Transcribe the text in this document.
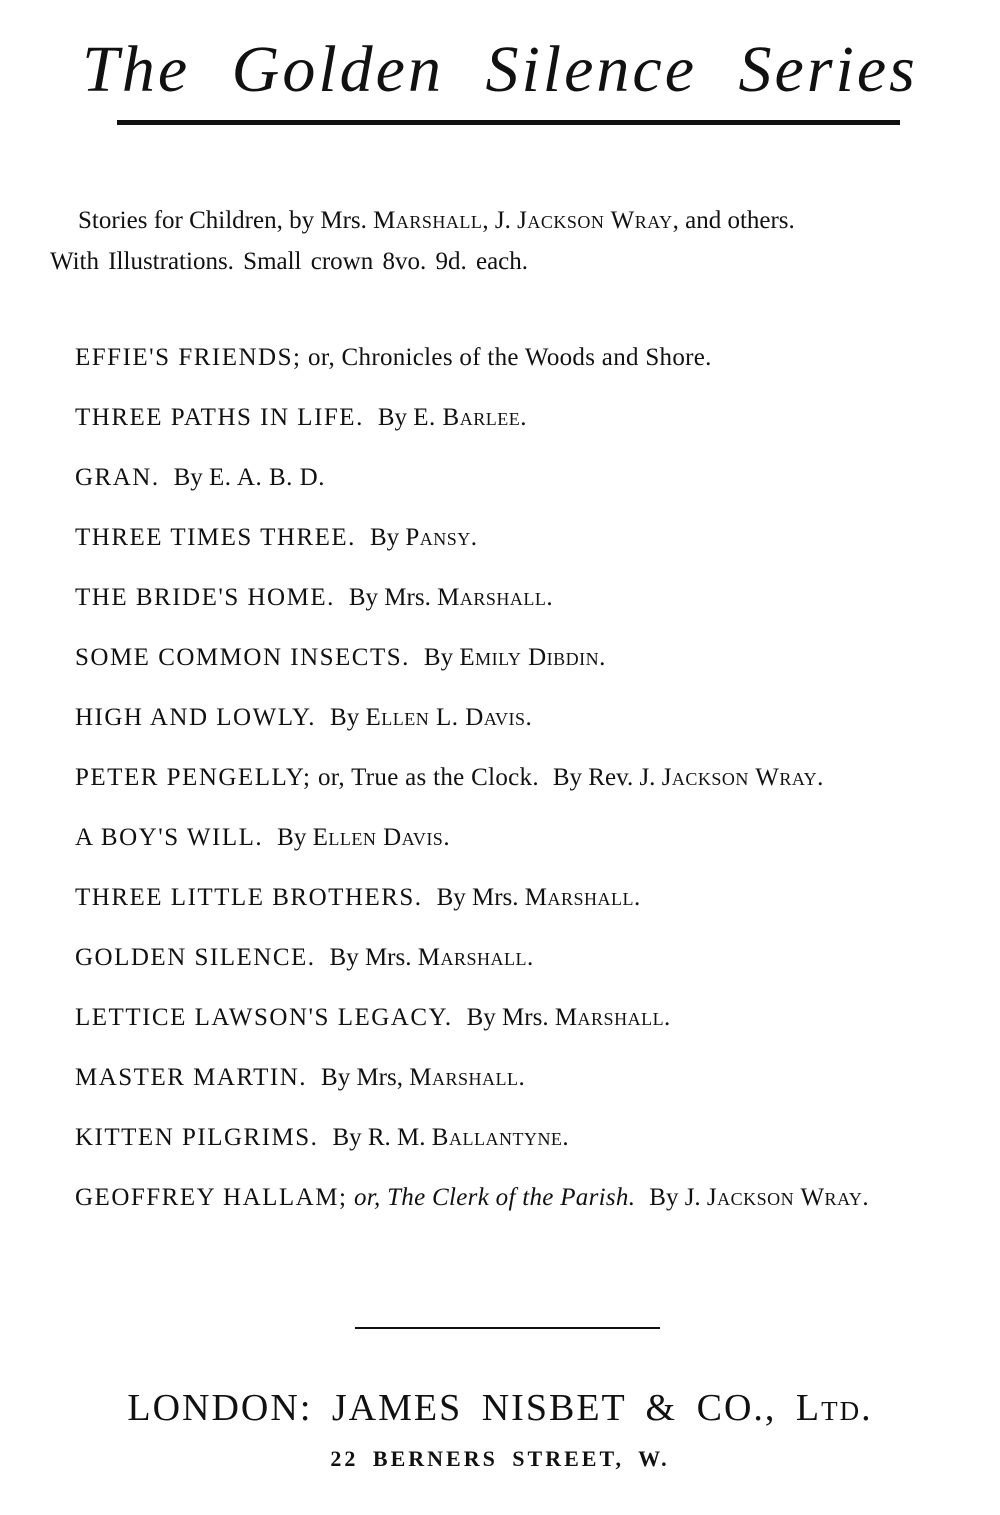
The Golden Silence Series
Stories for Children, by Mrs. Marshall, J. Jackson Wray, and others.
With Illustrations. Small crown 8vo. 9d. each.
EFFIE'S FRIENDS; or, Chronicles of the Woods and Shore.
THREE PATHS IN LIFE. By E. Barlee.
GRAN. By E. A. B. D.
THREE TIMES THREE. By Pansy.
THE BRIDE'S HOME. By Mrs. Marshall.
SOME COMMON INSECTS. By Emily Dibdin.
HIGH AND LOWLY. By Ellen L. Davis.
PETER PENGELLY; or, True as the Clock. By Rev. J. Jackson Wray.
A BOY'S WILL. By Ellen Davis.
THREE LITTLE BROTHERS. By Mrs. Marshall.
GOLDEN SILENCE. By Mrs. Marshall.
LETTICE LAWSON'S LEGACY. By Mrs. Marshall.
MASTER MARTIN. By Mrs, Marshall.
KITTEN PILGRIMS. By R. M. Ballantyne.
GEOFFREY HALLAM; or, The Clerk of the Parish. By J. Jackson Wray.
LONDON: JAMES NISBET & CO., Ltd.
22 BERNERS STREET, W.
